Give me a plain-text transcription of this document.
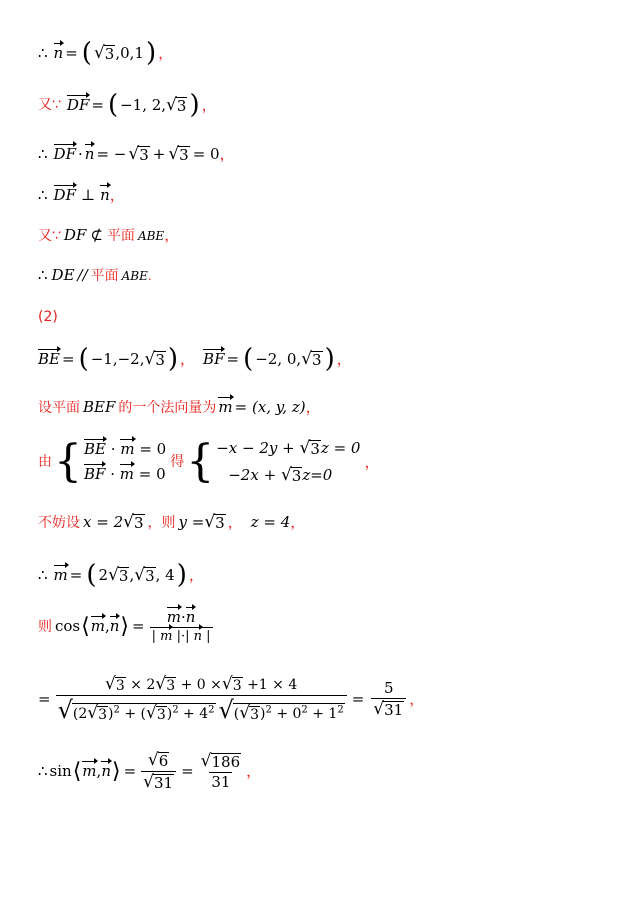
∴ n = ( √ 3 ,0,1 ) ，
又∵ DF = ( −1, 2, √ 3 ) ，
∴ DF · n = − √ 3 + √ 3 = 0 ，
∴ DF ⊥ n ，
又∵ DF ⊄ 平面 ABE ，
∴ DE // 平面 ABE .
(2)
BE = ( −1,−2, √ 3 ) ， BF = ( −2, 0, √ 3 ) ，
设平面 BEF 的一个法向量为 m = (x, y, z) ，
由 { BE · m = 0
BF · m = 0
得 { −x − 2y + √ 3 z = 0
−2x + √ 3 z=0
，
不妨设 x = 2 √ 3 ，则 y = √ 3 ， z = 4 ，
∴ m = ( 2 √ 3 , √ 3 , 4 ) ，
则 cos ⟨ m , n ⟩ = $\frac{m\cdot n}{| m |\cdot| n |}$
=
√ 3 × 2 √ 3 + 0 × √ 3 +1 × 4
√ (2 √ 3 )$^2$ + ( √ 3 )$^2 + 4^2$ √ ( √ 3 )$^2 + 0^2 + 1^2$
= $\frac{5}{√ 31}$ ，
∴ sin ⟨ m , n ⟩ = $\frac{√ 6}{√ 31} = \frac{√ 186}{31}$ ，
